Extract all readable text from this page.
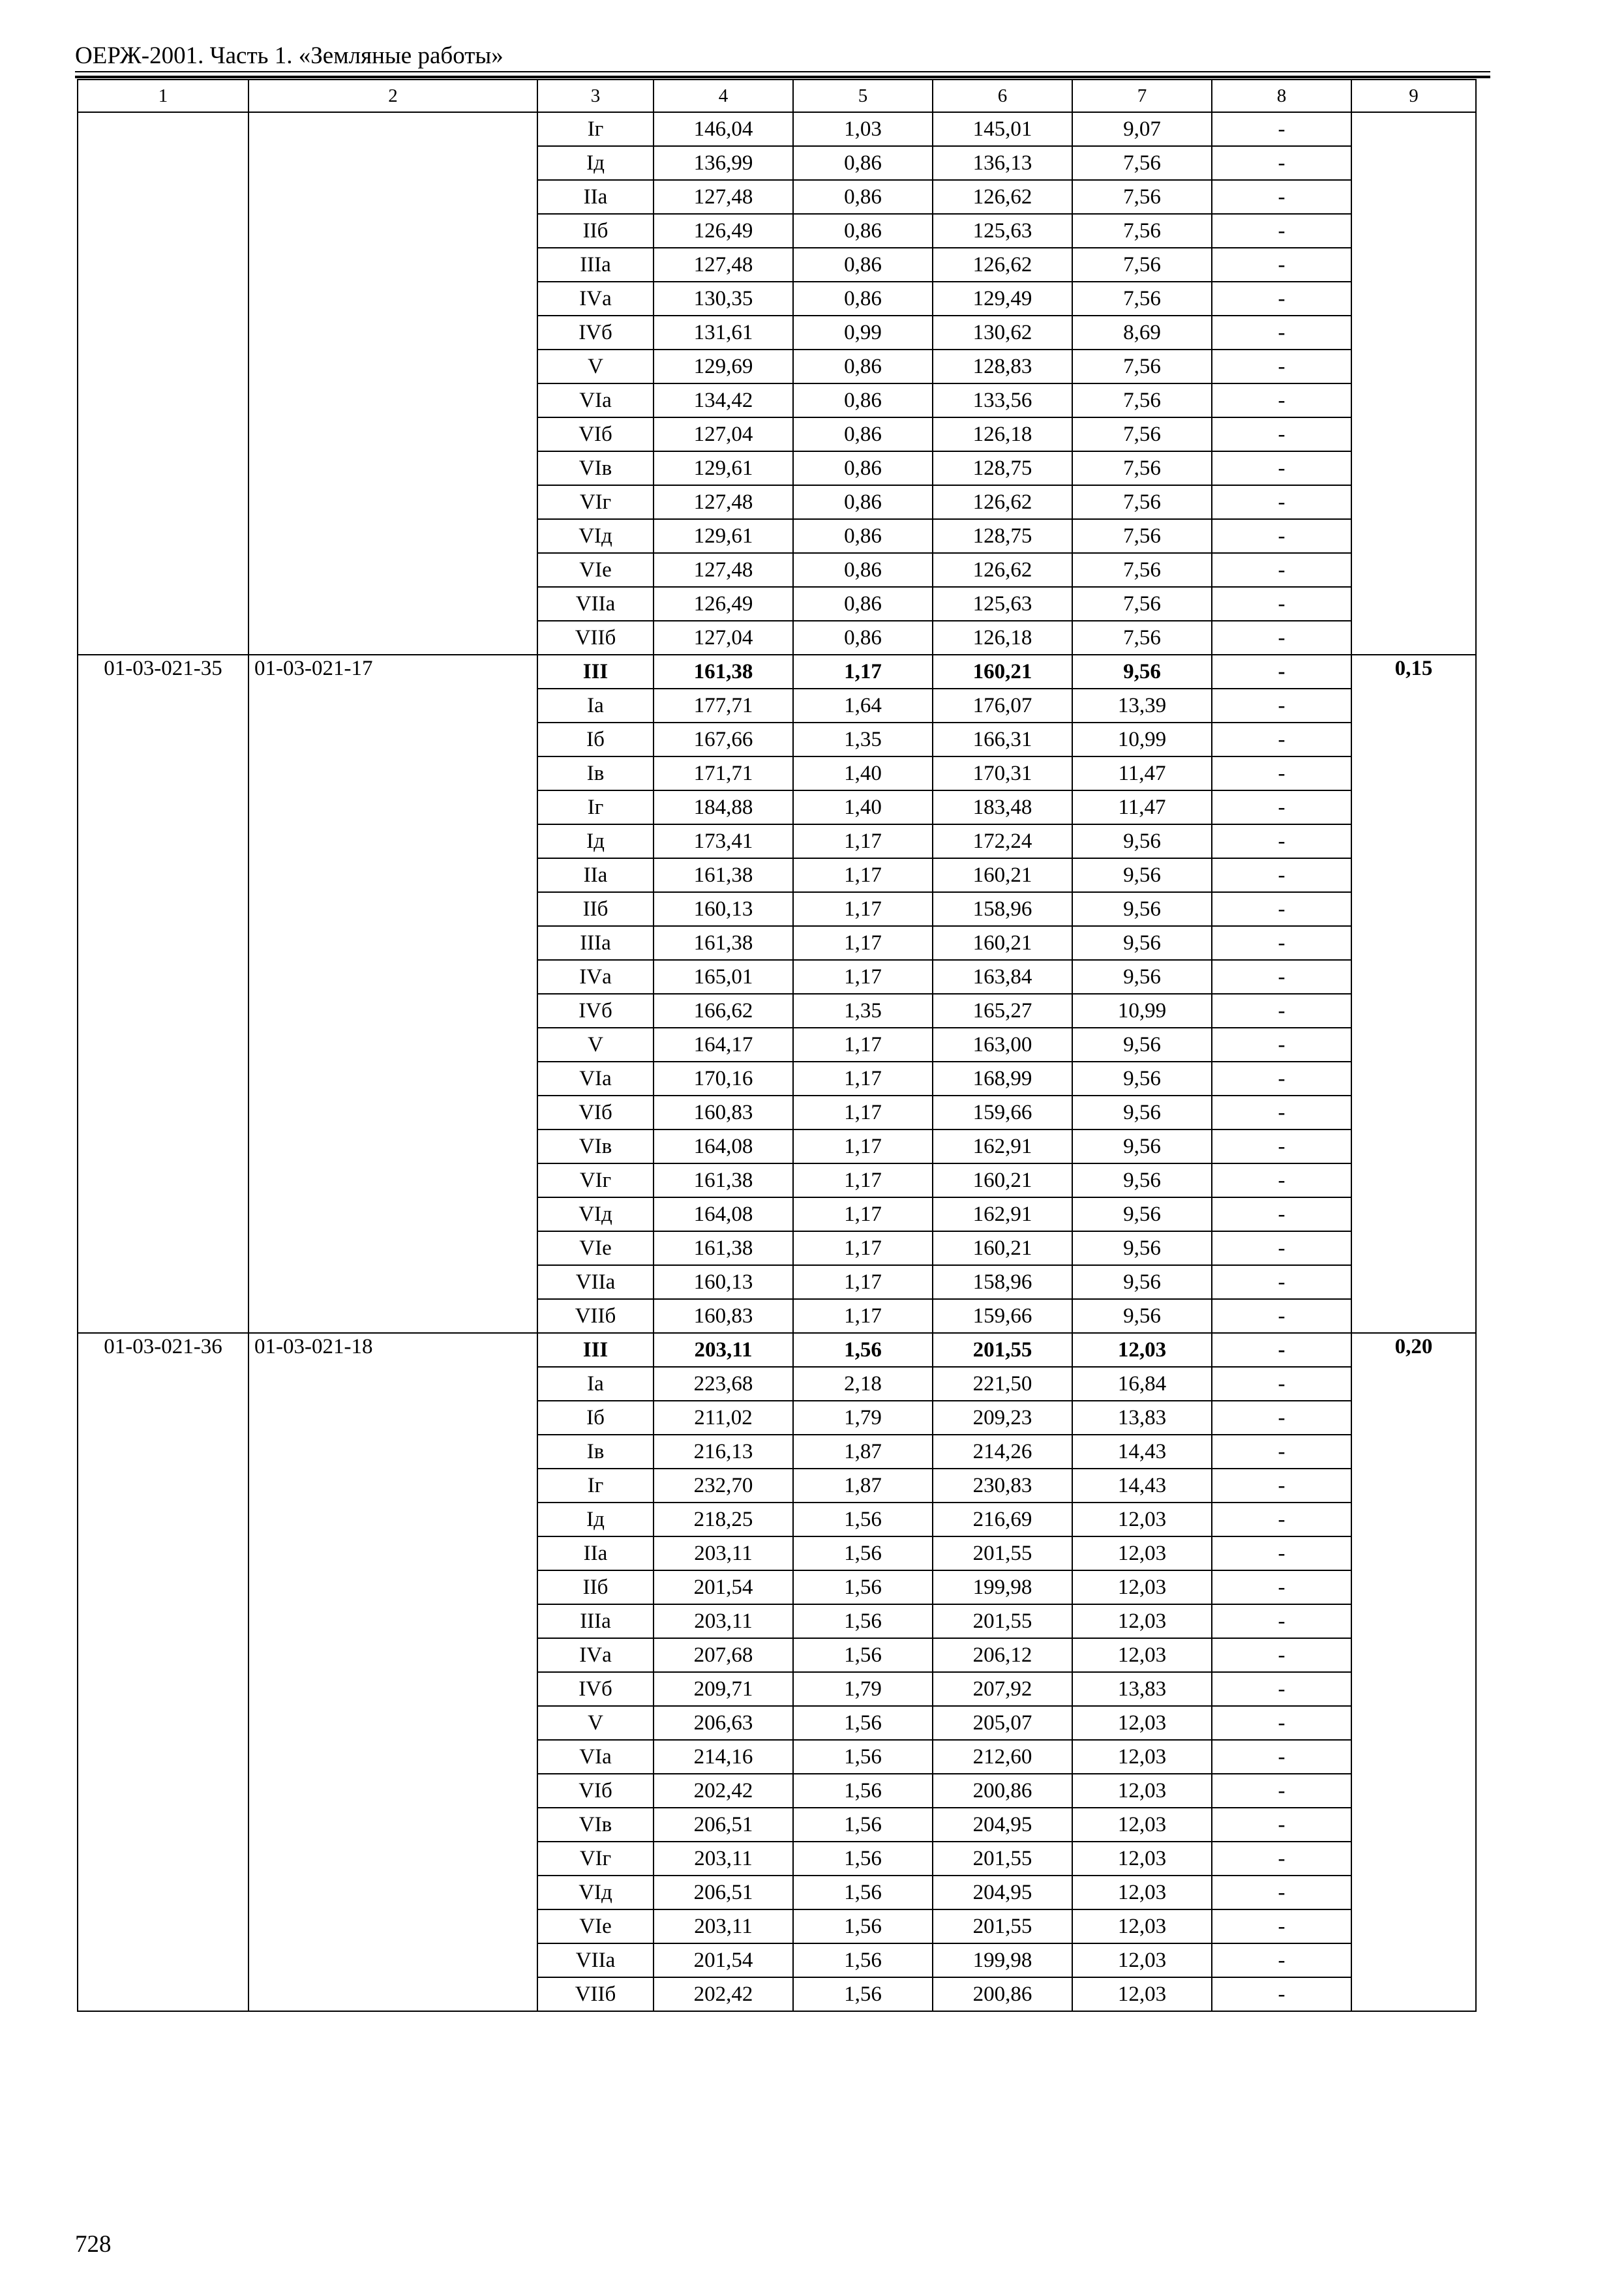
ОЕРЖ-2001. Часть 1. «Земляные работы»
1	2	3	4	5	6	7	8	9
		Iг	146,04	1,03	145,01	9,07	-	
		Iд	136,99	0,86	136,13	7,56	-	
		IIа	127,48	0,86	126,62	7,56	-	
		IIб	126,49	0,86	125,63	7,56	-	
		IIIа	127,48	0,86	126,62	7,56	-	
		IVа	130,35	0,86	129,49	7,56	-	
		IVб	131,61	0,99	130,62	8,69	-	
		V	129,69	0,86	128,83	7,56	-	
		VIа	134,42	0,86	133,56	7,56	-	
		VIб	127,04	0,86	126,18	7,56	-	
		VIв	129,61	0,86	128,75	7,56	-	
		VIг	127,48	0,86	126,62	7,56	-	
		VIд	129,61	0,86	128,75	7,56	-	
		VIе	127,48	0,86	126,62	7,56	-	
		VIIа	126,49	0,86	125,63	7,56	-	
		VIIб	127,04	0,86	126,18	7,56	-	
01-03-021-35	01-03-021-17	III	161,38	1,17	160,21	9,56	-	0,15
		Iа	177,71	1,64	176,07	13,39	-	
		Iб	167,66	1,35	166,31	10,99	-	
		Iв	171,71	1,40	170,31	11,47	-	
		Iг	184,88	1,40	183,48	11,47	-	
		Iд	173,41	1,17	172,24	9,56	-	
		IIа	161,38	1,17	160,21	9,56	-	
		IIб	160,13	1,17	158,96	9,56	-	
		IIIа	161,38	1,17	160,21	9,56	-	
		IVа	165,01	1,17	163,84	9,56	-	
		IVб	166,62	1,35	165,27	10,99	-	
		V	164,17	1,17	163,00	9,56	-	
		VIа	170,16	1,17	168,99	9,56	-	
		VIб	160,83	1,17	159,66	9,56	-	
		VIв	164,08	1,17	162,91	9,56	-	
		VIг	161,38	1,17	160,21	9,56	-	
		VIд	164,08	1,17	162,91	9,56	-	
		VIе	161,38	1,17	160,21	9,56	-	
		VIIа	160,13	1,17	158,96	9,56	-	
		VIIб	160,83	1,17	159,66	9,56	-	
01-03-021-36	01-03-021-18	III	203,11	1,56	201,55	12,03	-	0,20
		Iа	223,68	2,18	221,50	16,84	-	
		Iб	211,02	1,79	209,23	13,83	-	
		Iв	216,13	1,87	214,26	14,43	-	
		Iг	232,70	1,87	230,83	14,43	-	
		Iд	218,25	1,56	216,69	12,03	-	
		IIа	203,11	1,56	201,55	12,03	-	
		IIб	201,54	1,56	199,98	12,03	-	
		IIIа	203,11	1,56	201,55	12,03	-	
		IVа	207,68	1,56	206,12	12,03	-	
		IVб	209,71	1,79	207,92	13,83	-	
		V	206,63	1,56	205,07	12,03	-	
		VIа	214,16	1,56	212,60	12,03	-	
		VIб	202,42	1,56	200,86	12,03	-	
		VIв	206,51	1,56	204,95	12,03	-	
		VIг	203,11	1,56	201,55	12,03	-	
		VIд	206,51	1,56	204,95	12,03	-	
		VIе	203,11	1,56	201,55	12,03	-	
		VIIа	201,54	1,56	199,98	12,03	-	
		VIIб	202,42	1,56	200,86	12,03	-	
728
